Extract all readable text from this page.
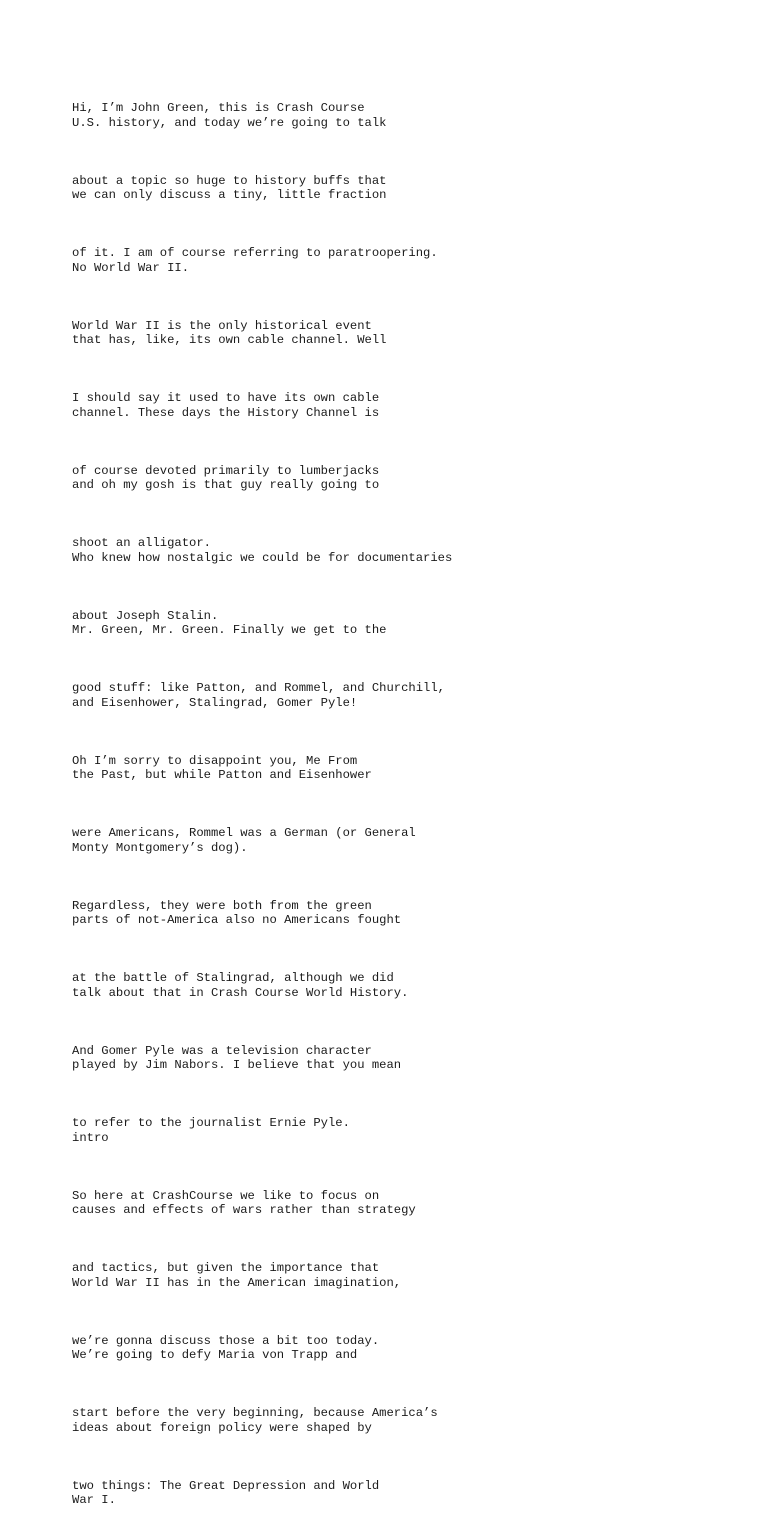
Hi, I’m John Green, this is Crash Course
U.S. history, and today we’re going to talk

about a topic so huge to history buffs that
we can only discuss a tiny, little fraction

of it. I am of course referring to paratroopering.
No World War II.

World War II is the only historical event
that has, like, its own cable channel. Well

I should say it used to have its own cable
channel. These days the History Channel is

of course devoted primarily to lumberjacks
and oh my gosh is that guy really going to

shoot an alligator.
Who knew how nostalgic we could be for documentaries

about Joseph Stalin.
Mr. Green, Mr. Green. Finally we get to the

good stuff: like Patton, and Rommel, and Churchill,
and Eisenhower, Stalingrad, Gomer Pyle!

Oh I’m sorry to disappoint you, Me From
the Past, but while Patton and Eisenhower

were Americans, Rommel was a German (or General
Monty Montgomery’s dog).

Regardless, they were both from the green
parts of not-America also no Americans fought

at the battle of Stalingrad, although we did
talk about that in Crash Course World History.

And Gomer Pyle was a television character
played by Jim Nabors. I believe that you mean

to refer to the journalist Ernie Pyle.
intro

So here at CrashCourse we like to focus on
causes and effects of wars rather than strategy

and tactics, but given the importance that
World War II has in the American imagination,

we’re gonna discuss those a bit too today.
We’re going to defy Maria von Trapp and

start before the very beginning, because America’s
ideas about foreign policy were shaped by

two things: The Great Depression and World
War I.
